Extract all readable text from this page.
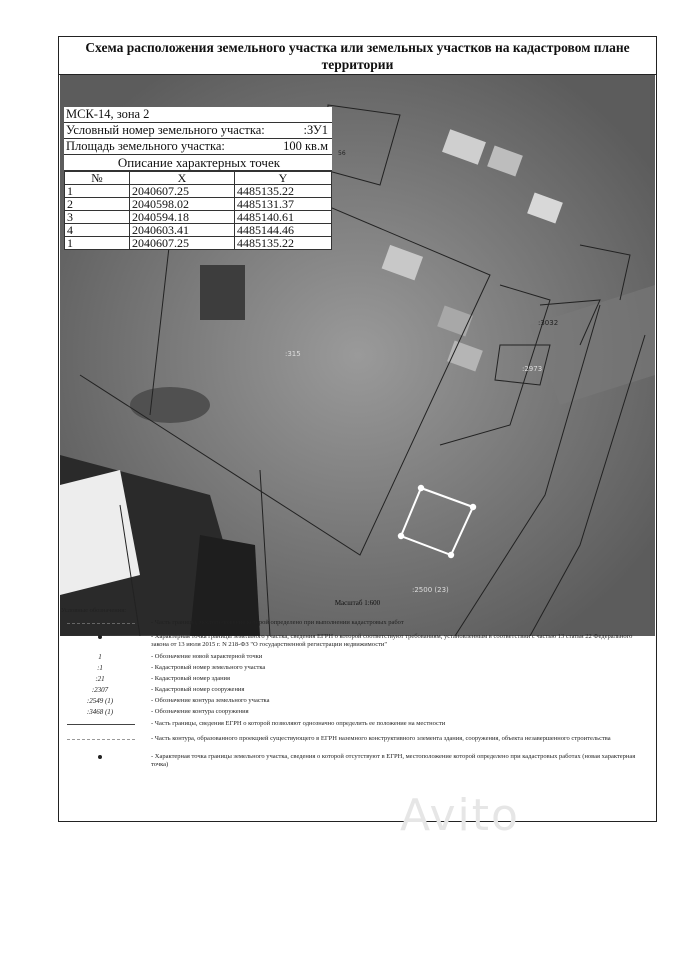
Схема расположения земельного участка или земельных участков на кадастровом плане территории
:315
:3032
:2973
:2500 (23)
56
МСК-14, зона 2
Условный номер земельного участка:	:ЗУ1
Площадь земельного участка:	100 кв.м
Описание характерных точек
№	X	Y
1	2040607.25	4485135.22
2	2040598.02	4485131.37
3	2040594.18	4485140.61
4	2040603.41	4485144.46
1	2040607.25	4485135.22
Масштаб 1:600
Условные обозначения:
- Часть границы, местоположение которой определено при выполнении кадастровых работ
- Характерная точка границы земельного участка, сведения ЕГРН о которой соответствуют требованиям, установленным в соответствии с частью 13 статьи 22 Федерального закона от 13 июля 2015 г. N 218-ФЗ "О государственной регистрации недвижимости"
1	- Обозначение новой характерной точки
:1	- Кадастровый номер земельного участка
:21	- Кадастровый номер здания
:2307	- Кадастровый номер сооружения
:2549 (1)	- Обозначение контура земельного участка
:3468 (1)	- Обозначение контура сооружения
- Часть границы, сведения ЕГРН о которой позволяют однозначно определить ее положение на местности
- Часть контура, образованного проекцией существующего в ЕГРН наземного конструктивного элемента здания, сооружения, объекта незавершенного строительства
- Характерная точка границы земельного участка, сведения о которой отсутствуют в ЕГРН, местоположение которой определено при кадастровых работах (новая характерная точка)
Avito
